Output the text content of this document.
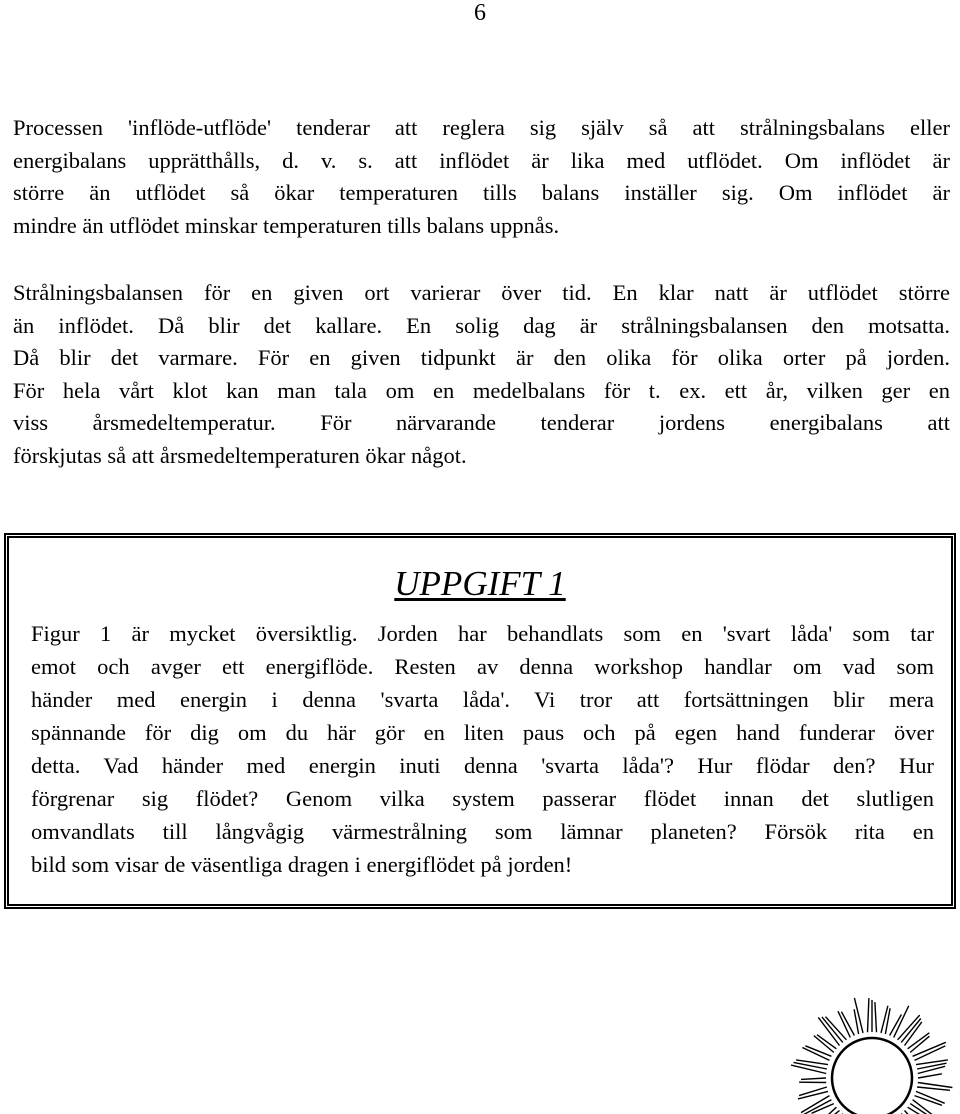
6
Processen 'inflöde-utflöde' tenderar att reglera sig själv så att strålningsbalans eller
energibalans upprätthålls, d. v. s. att inflödet är lika med utflödet. Om inflödet är
större än utflödet så ökar temperaturen tills balans inställer sig. Om inflödet är
mindre än utflödet minskar temperaturen tills balans uppnås.
Strålningsbalansen för en given ort varierar över tid. En klar natt är utflödet större
än inflödet. Då blir det kallare. En solig dag är strålningsbalansen den motsatta.
Då blir det varmare. För en given tidpunkt är den olika för olika orter på jorden.
För hela vårt klot kan man tala om en medelbalans för t. ex. ett år, vilken ger en
viss årsmedeltemperatur. För närvarande tenderar jordens energibalans att
förskjutas så att årsmedeltemperaturen ökar något.
UPPGIFT 1
Figur 1 är mycket översiktlig. Jorden har behandlats som en 'svart låda' som tar
emot och avger ett energiflöde. Resten av denna workshop handlar om vad som
händer med energin i denna 'svarta låda'. Vi tror att fortsättningen blir mera
spännande för dig om du här gör en liten paus och på egen hand funderar över
detta. Vad händer med energin inuti denna 'svarta låda'? Hur flödar den? Hur
förgrenar sig flödet? Genom vilka system passerar flödet innan det slutligen
omvandlats till långvågig värmestrålning som lämnar planeten? Försök rita en
bild som visar de väsentliga dragen i energiflödet på jorden!
